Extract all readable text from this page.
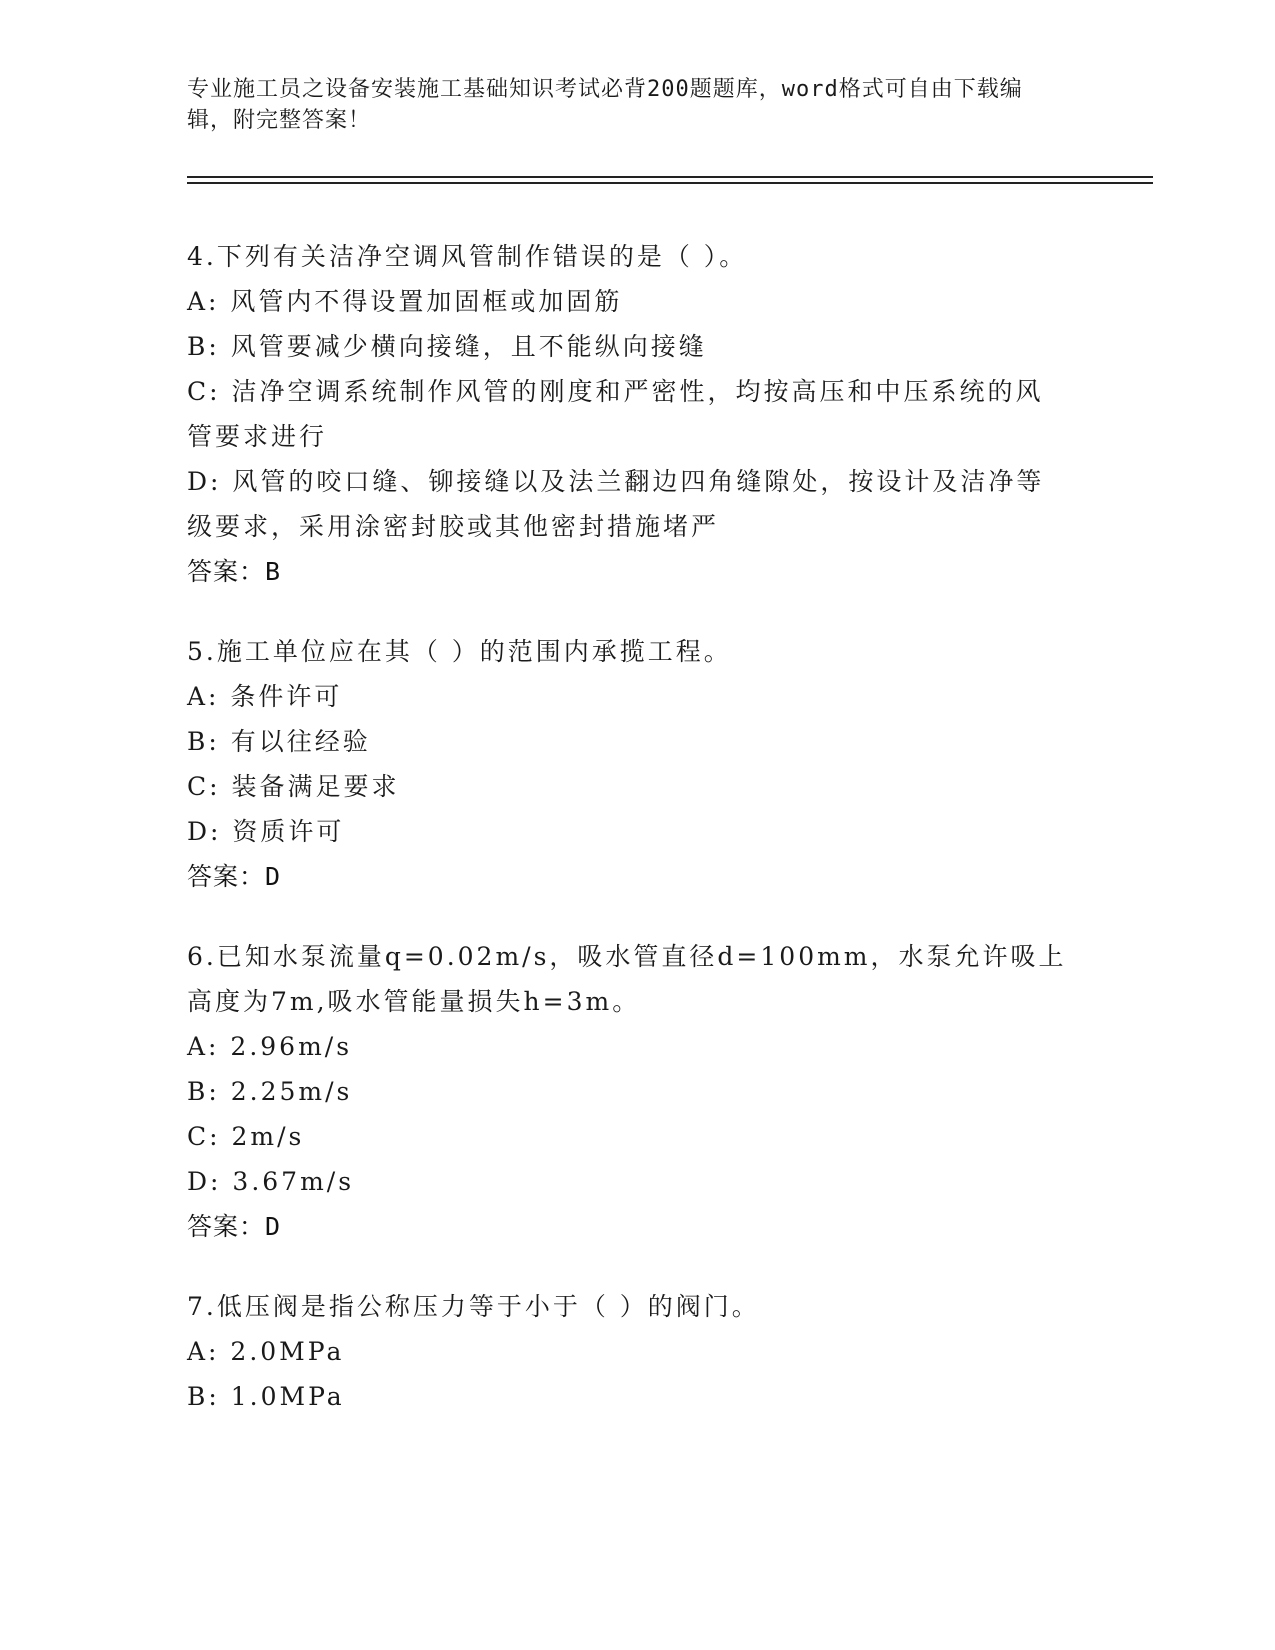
专业施工员之设备安装施工基础知识考试必背200题题库，word格式可自由下载编辑，附完整答案！
4.下列有关洁净空调风管制作错误的是（ ）。
A: 风管内不得设置加固框或加固筋
B: 风管要减少横向接缝，且不能纵向接缝
C: 洁净空调系统制作风管的刚度和严密性，均按高压和中压系统的风管要求进行
D: 风管的咬口缝、铆接缝以及法兰翻边四角缝隙处，按设计及洁净等级要求，采用涂密封胶或其他密封措施堵严
答案：B
5.施工单位应在其（ ）的范围内承揽工程。
A: 条件许可
B: 有以往经验
C: 装备满足要求
D: 资质许可
答案：D
6.已知水泵流量q=0.02m/s，吸水管直径d=100mm，水泵允许吸上高度为7m,吸水管能量损失h=3m。
A: 2.96m/s
B: 2.25m/s
C: 2m/s
D: 3.67m/s
答案：D
7.低压阀是指公称压力等于小于（ ）的阀门。
A: 2.0MPa
B: 1.0MPa
